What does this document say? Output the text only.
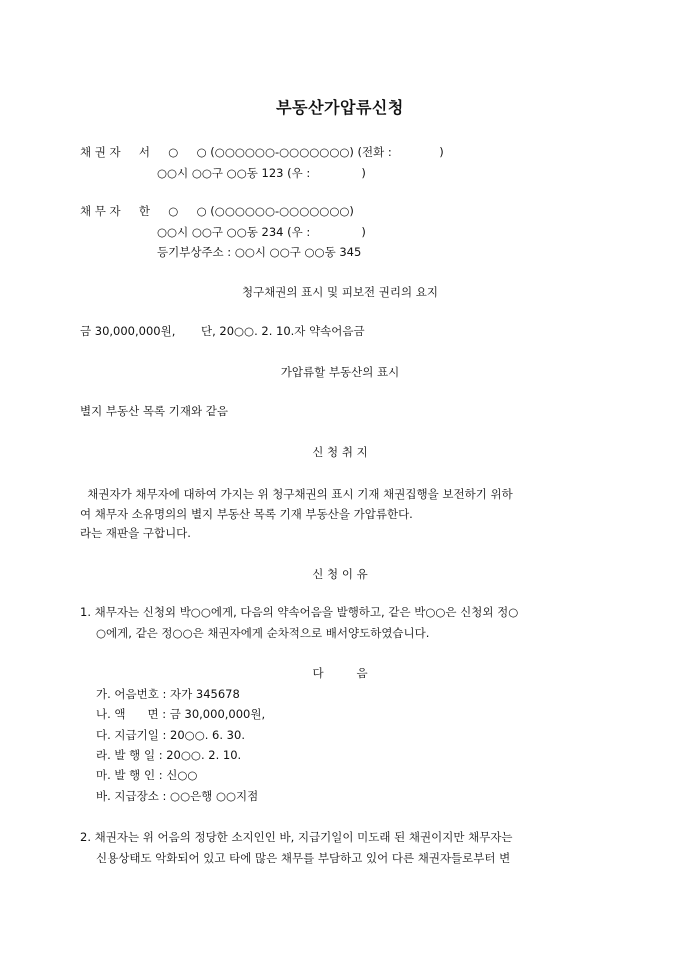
부동산가압류신청
채 권 자     서     ○     ○ (○○○○○○-○○○○○○○) (전화 :             )
○○시 ○○구 ○○동 123 (우 :              )
채 무 자     한     ○     ○ (○○○○○○-○○○○○○○)
○○시 ○○구 ○○동 234 (우 :              )
등기부상주소 : ○○시 ○○구 ○○동 345
청구채권의 표시 및 피보전 권리의 요지
금 30,000,000원,       단, 20○○. 2. 10.자 약속어음금
가압류할 부동산의 표시
별지 부동산 목록 기재와 같음
신 청 취 지
채권자가 채무자에 대하여 가지는 위 청구채권의 표시 기재 채권집행을 보전하기 위하
여 채무자 소유명의의 별지 부동산 목록 기재 부동산을 가압류한다.
라는 재판을 구합니다.
신 청 이 유
1. 채무자는 신청외 박○○에게, 다음의 약속어음을 발행하고, 같은 박○○은 신청외 정○
○에게, 같은 정○○은 채권자에게 순차적으로 배서양도하였습니다.
다         음
가. 어음번호 : 자가 345678
나. 액      면 : 금 30,000,000원,
다. 지급기일 : 20○○. 6. 30.
라. 발 행 일 : 20○○. 2. 10.
마. 발 행 인 : 신○○
바. 지급장소 : ○○은행 ○○지점
2. 채권자는 위 어음의 정당한 소지인인 바, 지급기일이 미도래 된 채권이지만 채무자는
신용상태도 악화되어 있고 타에 많은 채무를 부담하고 있어 다른 채권자들로부터 변
